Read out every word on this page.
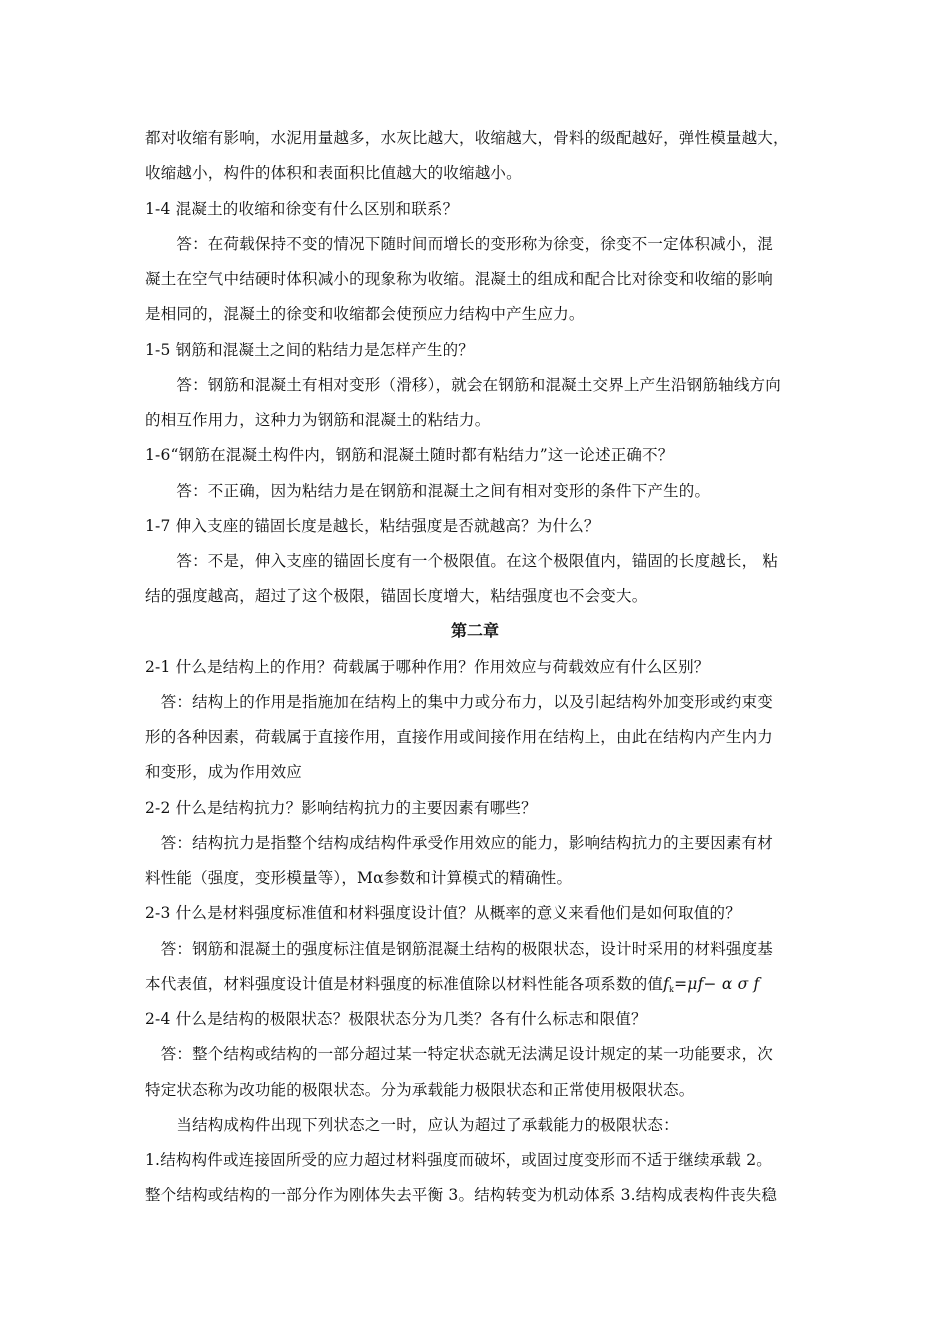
都对收缩有影响，水泥用量越多，水灰比越大，收缩越大，骨料的级配越好，弹性模量越大，
收缩越小，构件的体积和表面积比值越大的收缩越小。
1-4 混凝土的收缩和徐变有什么区别和联系？
　　答：在荷载保持不变的情况下随时间而增长的变形称为徐变，徐变不一定体积减小，混
凝土在空气中结硬时体积减小的现象称为收缩。混凝土的组成和配合比对徐变和收缩的影响
是相同的，混凝土的徐变和收缩都会使预应力结构中产生应力。
1-5 钢筋和混凝土之间的粘结力是怎样产生的？
　　答：钢筋和混凝土有相对变形（滑移），就会在钢筋和混凝土交界上产生沿钢筋轴线方向
的相互作用力，这种力为钢筋和混凝土的粘结力。
1-6“钢筋在混凝土构件内，钢筋和混凝土随时都有粘结力”这一论述正确不？
　　答：不正确，因为粘结力是在钢筋和混凝土之间有相对变形的条件下产生的。
1-7 伸入支座的锚固长度是越长，粘结强度是否就越高？为什么？
　　答：不是，伸入支座的锚固长度有一个极限值。在这个极限值内，锚固的长度越长， 粘
结的强度越高，超过了这个极限，锚固长度增大，粘结强度也不会变大。
第二章
2-1 什么是结构上的作用？荷载属于哪种作用？作用效应与荷载效应有什么区别？
　答：结构上的作用是指施加在结构上的集中力或分布力，以及引起结构外加变形或约束变
形的各种因素，荷载属于直接作用，直接作用或间接作用在结构上，由此在结构内产生内力
和变形，成为作用效应
2-2 什么是结构抗力？影响结构抗力的主要因素有哪些？
　答：结构抗力是指整个结构成结构件承受作用效应的能力，影响结构抗力的主要因素有材
料性能（强度，变形模量等），Mα参数和计算模式的精确性。
2-3 什么是材料强度标准值和材料强度设计值？从概率的意义来看他们是如何取值的？
　答：钢筋和混凝土的强度标注值是钢筋混凝土结构的极限状态，设计时采用的材料强度基
本代表值，材料强度设计值是材料强度的标准值除以材料性能各项系数的值$f_k=\mu f- \alpha$ σ f
2-4 什么是结构的极限状态？极限状态分为几类？各有什么标志和限值？
　答：整个结构或结构的一部分超过某一特定状态就无法满足设计规定的某一功能要求，次
特定状态称为改功能的极限状态。分为承载能力极限状态和正常使用极限状态。
　　当结构成构件出现下列状态之一时，应认为超过了承载能力的极限状态：
1.结构构件或连接固所受的应力超过材料强度而破坏，或固过度变形而不适于继续承载 2。
整个结构或结构的一部分作为刚体失去平衡 3。结构转变为机动体系 3.结构成表构件丧失稳
